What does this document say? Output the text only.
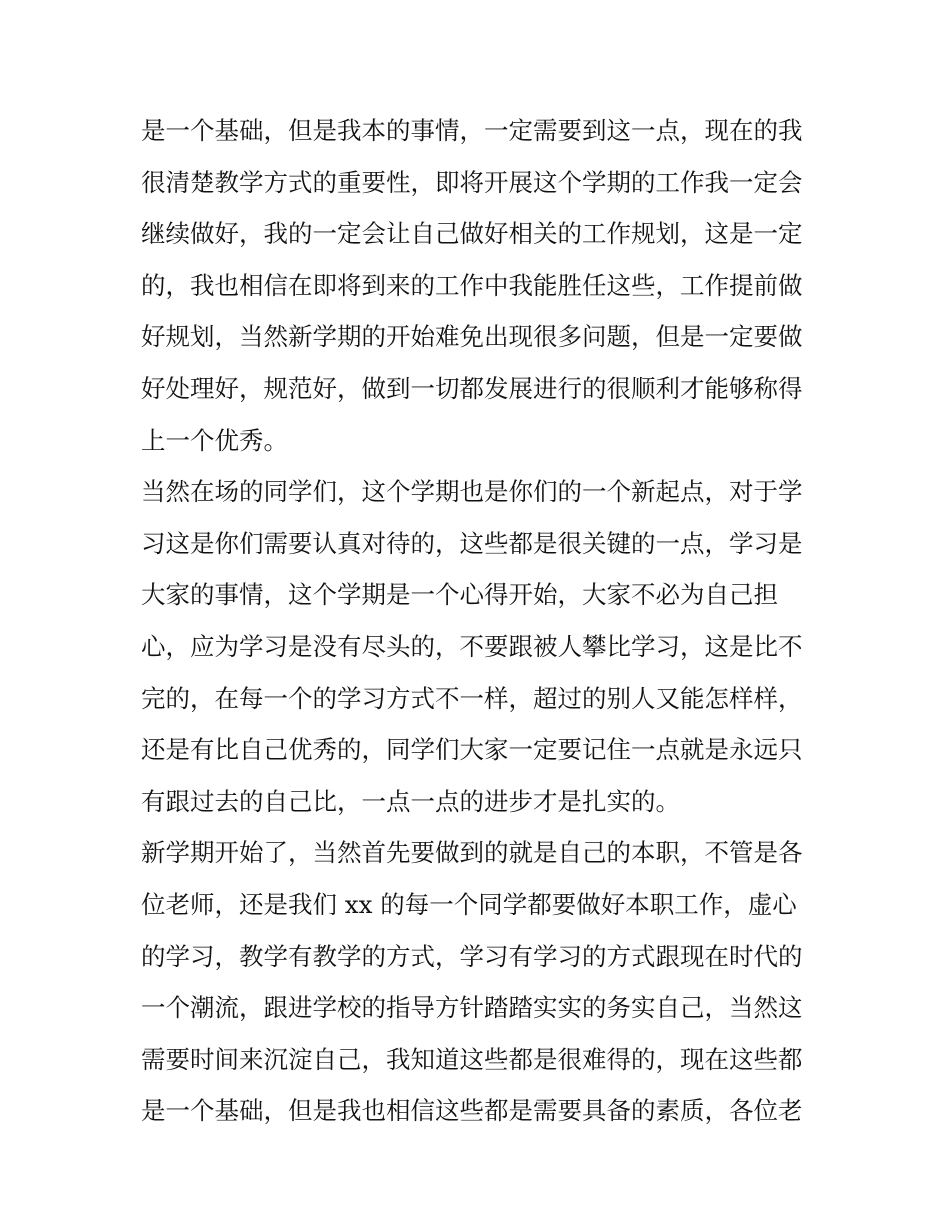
是一个基础，但是我本的事情，一定需要到这一点，现在的我
很清楚教学方式的重要性，即将开展这个学期的工作我一定会
继续做好，我的一定会让自己做好相关的工作规划，这是一定
的，我也相信在即将到来的工作中我能胜任这些，工作提前做
好规划，当然新学期的开始难免出现很多问题，但是一定要做
好处理好，规范好，做到一切都发展进行的很顺利才能够称得
上一个优秀。
当然在场的同学们，这个学期也是你们的一个新起点，对于学
习这是你们需要认真对待的，这些都是很关键的一点，学习是
大家的事情，这个学期是一个心得开始，大家不必为自己担
心，应为学习是没有尽头的，不要跟被人攀比学习，这是比不
完的，在每一个的学习方式不一样，超过的别人又能怎样样，
还是有比自己优秀的，同学们大家一定要记住一点就是永远只
有跟过去的自己比，一点一点的进步才是扎实的。
新学期开始了，当然首先要做到的就是自己的本职，不管是各
位老师，还是我们 xx 的每一个同学都要做好本职工作，虚心
的学习，教学有教学的方式，学习有学习的方式跟现在时代的
一个潮流，跟进学校的指导方针踏踏实实的务实自己，当然这
需要时间来沉淀自己，我知道这些都是很难得的，现在这些都
是一个基础，但是我也相信这些都是需要具备的素质，各位老
